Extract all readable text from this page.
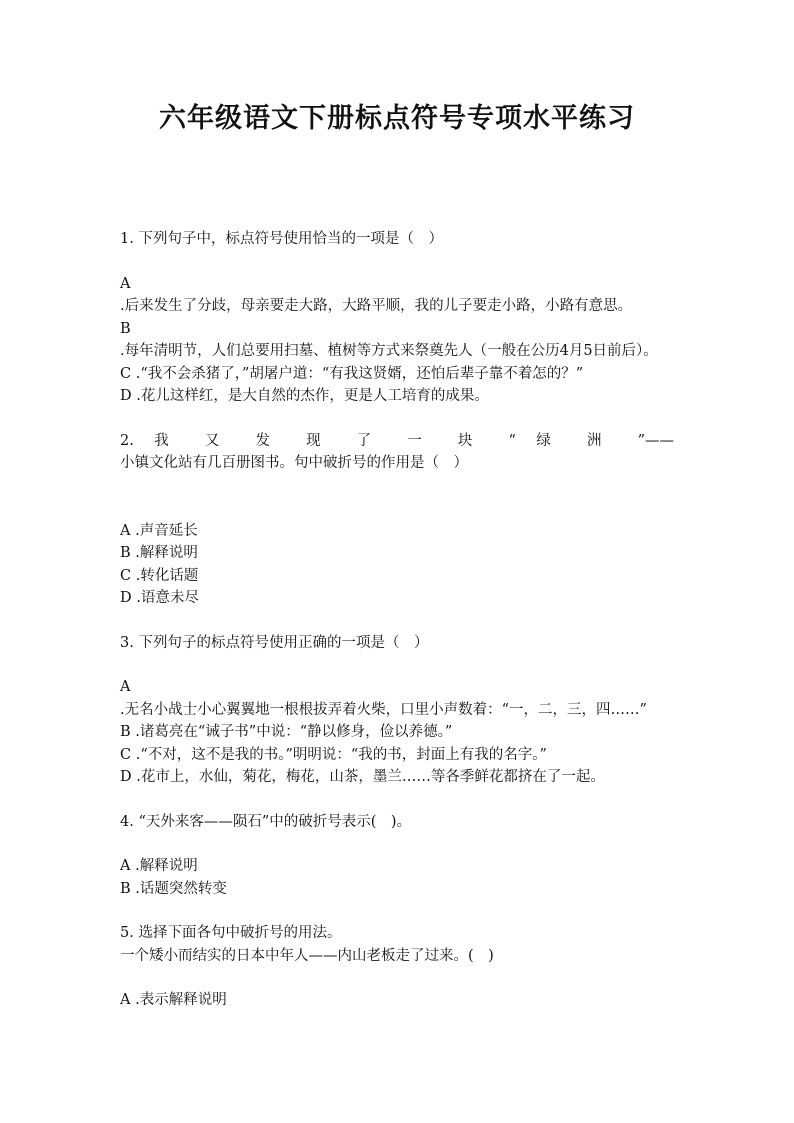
六年级语文下册标点符号专项水平练习
1. 下列句子中，标点符号使用恰当的一项是（　）
A
.后来发生了分歧，母亲要走大路，大路平顺，我的儿子要走小路，小路有意思。
B
.每年清明节，人们总要用扫墓、植树等方式来祭奠先人（一般在公历4月5日前后）。
C .“我不会杀猪了，”胡屠户道：“有我这贤婿，还怕后辈子靠不着怎的？”
D .花儿这样红，是大自然的杰作，更是人工培育的成果。
2. 我 又 发 现 了 一 块 “ 绿 洲 ”——
小镇文化站有几百册图书。句中破折号的作用是（　）
A .声音延长
B .解释说明
C .转化话题
D .语意未尽
3. 下列句子的标点符号使用正确的一项是（　）
A
.无名小战士小心翼翼地一根根拔弄着火柴，口里小声数着：“一，二，三，四……”
B .诸葛亮在“诫子书”中说：“静以修身，俭以养德。”
C .“不对，这不是我的书。”明明说：“我的书，封面上有我的名字。”
D .花市上，水仙，菊花，梅花，山茶，墨兰……等各季鲜花都挤在了一起。
4. “天外来客——陨石”中的破折号表示(　)。
A .解释说明
B .话题突然转变
5. 选择下面各句中破折号的用法。
一个矮小而结实的日本中年人——内山老板走了过来。(　)
A .表示解释说明
